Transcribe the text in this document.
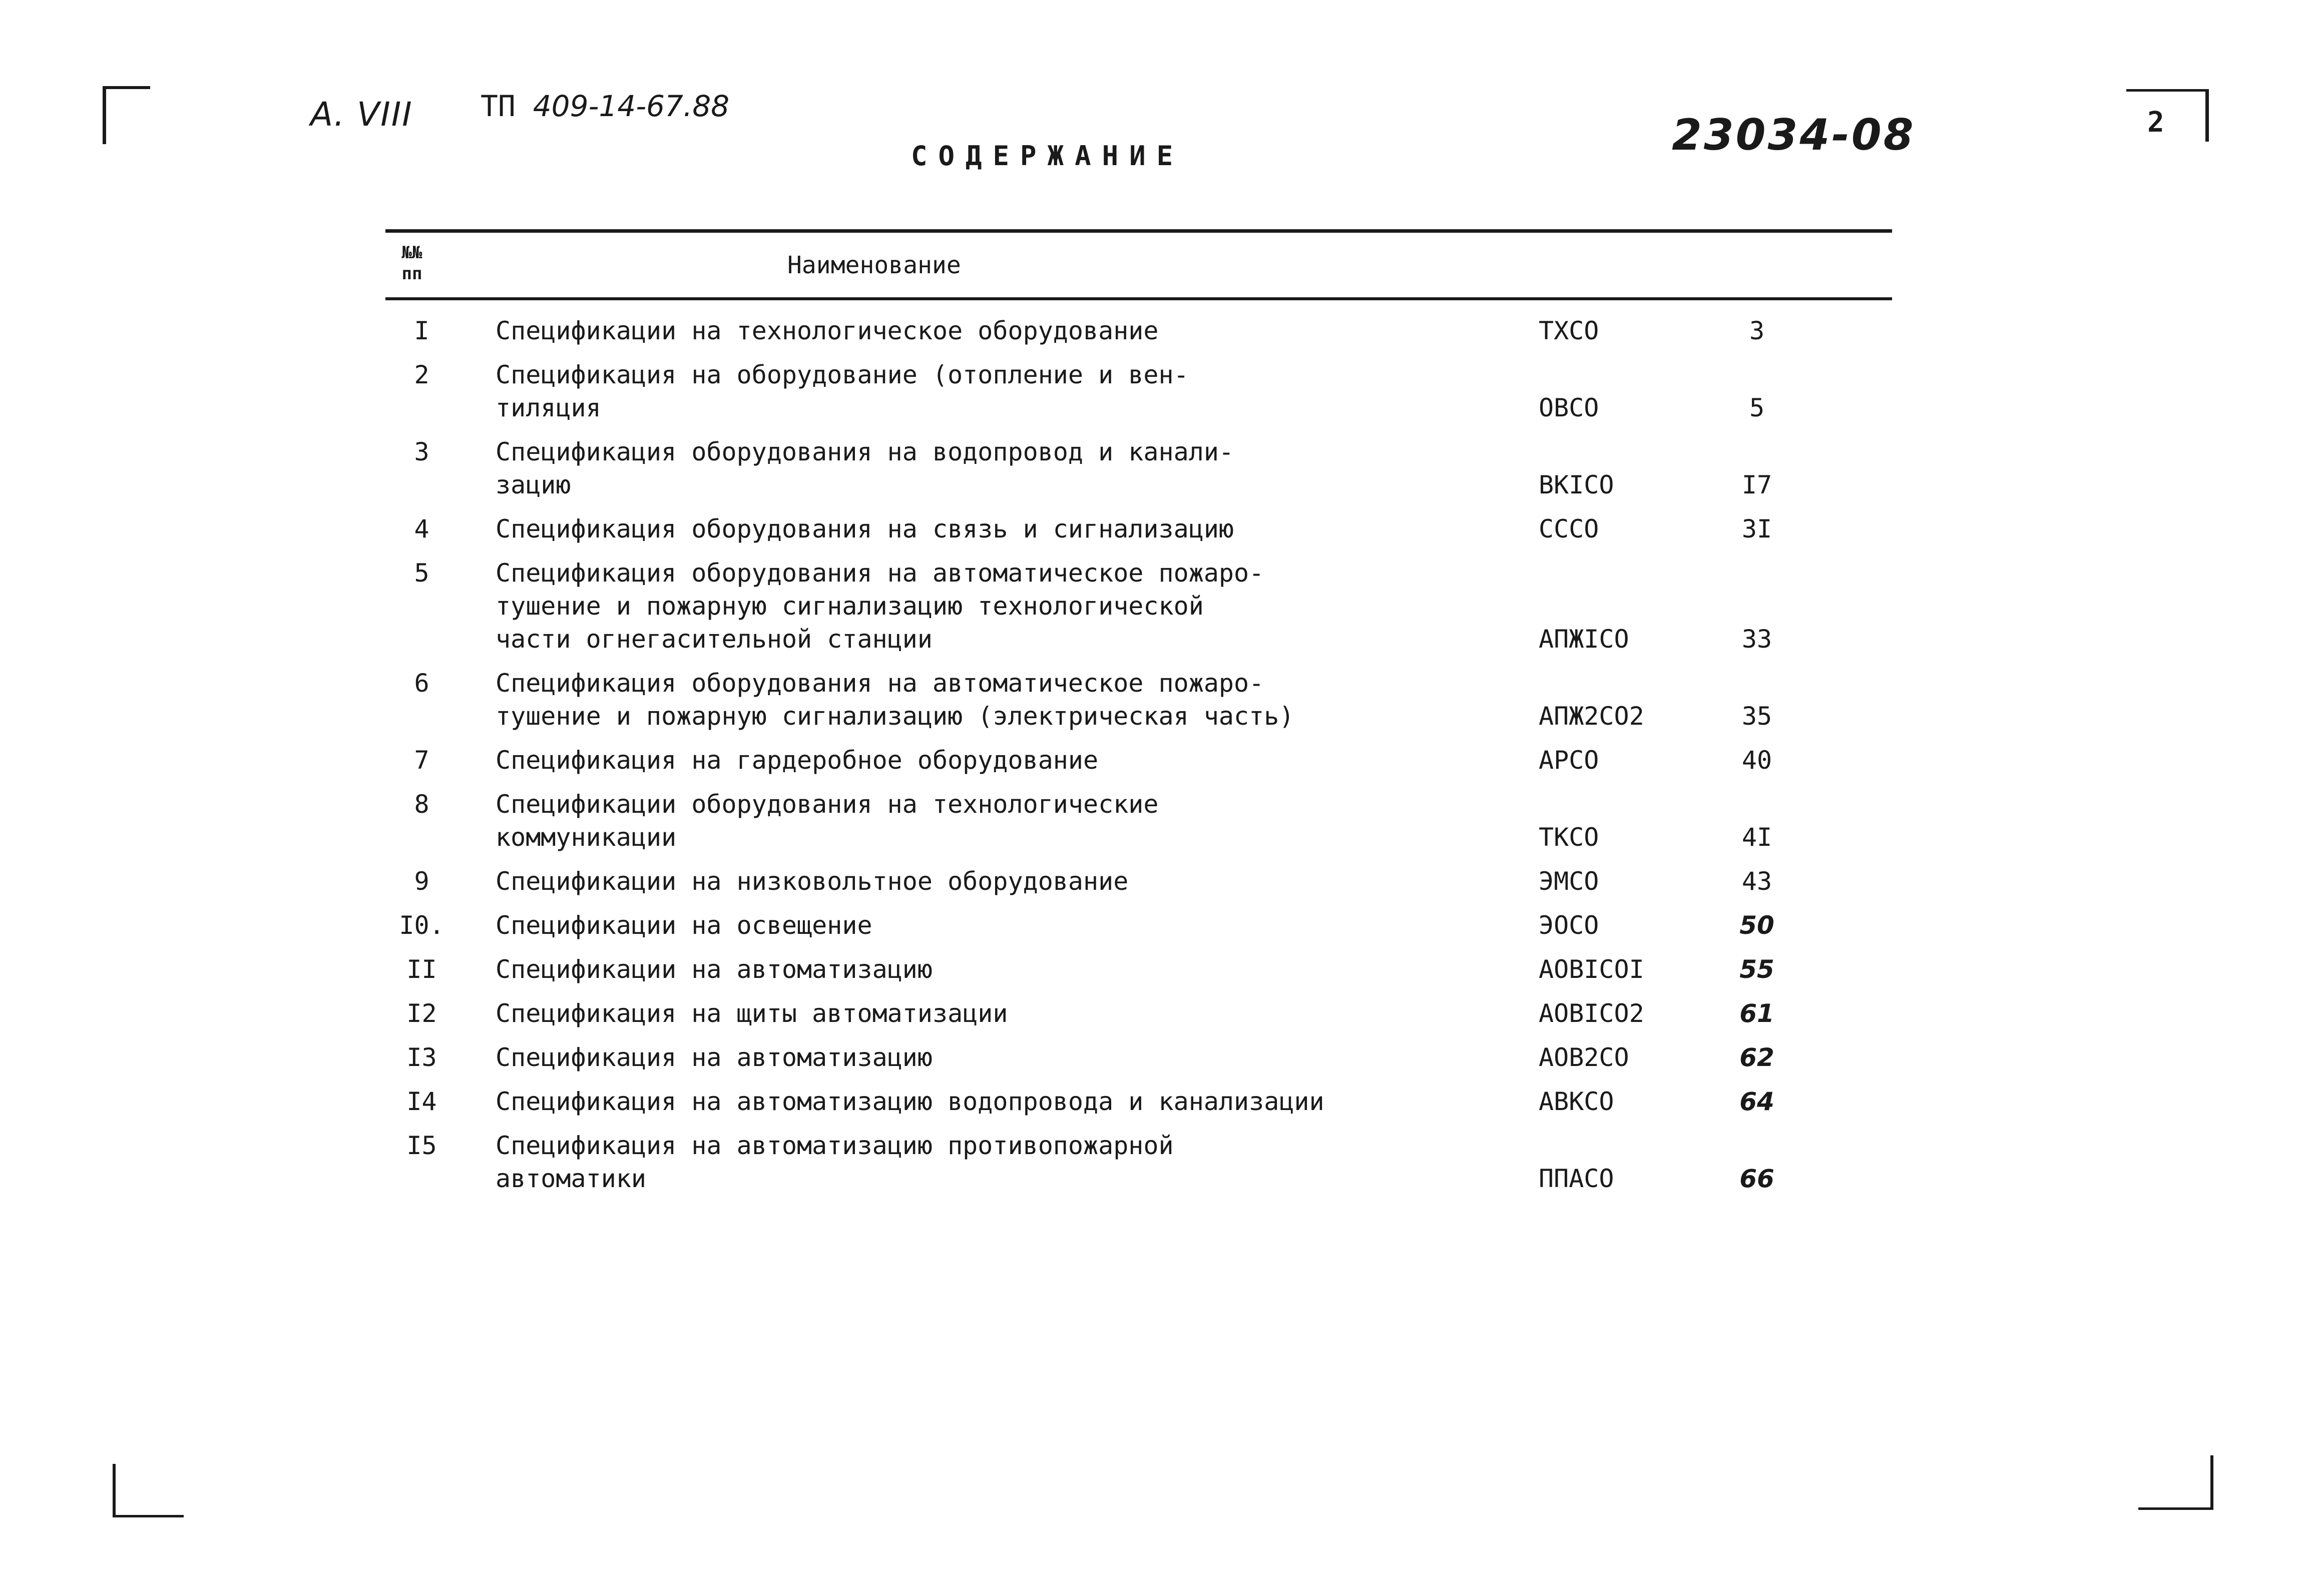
А. VIII ТП 409-14-67.88
23034-08	2
СОДЕРЖАНИЕ
№№
пп	Наименование
I	Спецификации на технологическое оборудование	ТХСО	3
2	Спецификация на оборудование (отопление и вен-
тиляция	ОВСО	5
3	Спецификация оборудования на водопровод и канали-
зацию	ВКIСО	I7
4	Спецификация оборудования на связь и сигнализацию	СССО	3I
5	Спецификация оборудования на автоматическое пожаро-
тушение и пожарную сигнализацию технологической
части огнегасительной станции	АПЖIСО	33
6	Спецификация оборудования на автоматическое пожаро-
тушение и пожарную сигнализацию (электрическая часть)	АПЖ2СО2	35
7	Спецификация на гардеробное оборудование	АРСО	40
8	Спецификации оборудования на технологические
коммуникации	ТКСО	4I
9	Спецификации на низковольтное оборудование	ЭМСО	43
I0.	Спецификации на освещение	ЭОСО	50
II	Спецификации на автоматизацию	АОВIСОI	55
I2	Спецификация на щиты автоматизации	АОВIСО2	61
I3	Спецификация на автоматизацию	АОВ2СО	62
I4	Спецификация на автоматизацию водопровода и канализации	АВКСО	64
I5	Спецификация на автоматизацию противопожарной
автоматики	ППАСО	66
